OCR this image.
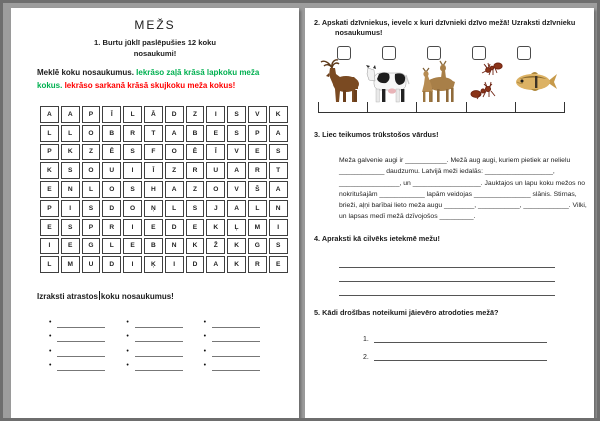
MEŽS
1. Burtu jūklī paslēpušies 12 koku
nosaukumi!
Meklē koku nosaukumus. Iekrāso zaļā krāsā lapkoku meža kokus. Iekrāso sarkanā krāsā skujkoku meža kokus!
A	A	P	Ī	L	Ā	D	Z	I	S	V	K
L	L	O	B	R	T	A	B	E	S	P	A
P	K	Z	Ē	S	F	O	Ē	Ī	V	E	S
K	S	O	U	I	Ī	Z	R	U	A	R	T
E	N	L	O	S	H	A	Z	O	V	Š	A
P	I	S	D	O	Ņ	L	S	J	A	L	N
E	S	P	R	I	E	D	E	K	Ļ	M	I
I	E	G	L	E	B	N	K	Ž	K	G	S
L	M	U	D	I	Ķ	I	D	A	K	R	E
Izraksti atrastos koku nosaukumus!
•
•
•
•
•
•
•
•
•
•
•
•
2. Apskati dzīvniekus, ievelc x kuri dzīvnieki dzīvo mežā! Uzraksti dzīvnieku
nosaukumus!
3. Liec teikumos trūkstošos vārdus!
Meža galvenie augi ir ___________. Mežā aug augi, kuriem pietiek ar nelielu
____________ daudzumu. Latvijā meži iedalās: __________________,
________________, un __________________. Jauktajos un lapu koku mežos no
nokritušajām ____________ lapām veidojas _______________ slānis. Stirnas,
brieži, aļņi barībai lieto meža augu ________, ___________, ____________. Vilki,
un lapsas medī mežā dzīvojošos _________.
4. Apraksti kā cilvēks ietekmē mežu!
5. Kādi drošības noteikumi jāievēro atrodoties mežā?
1.
2.
